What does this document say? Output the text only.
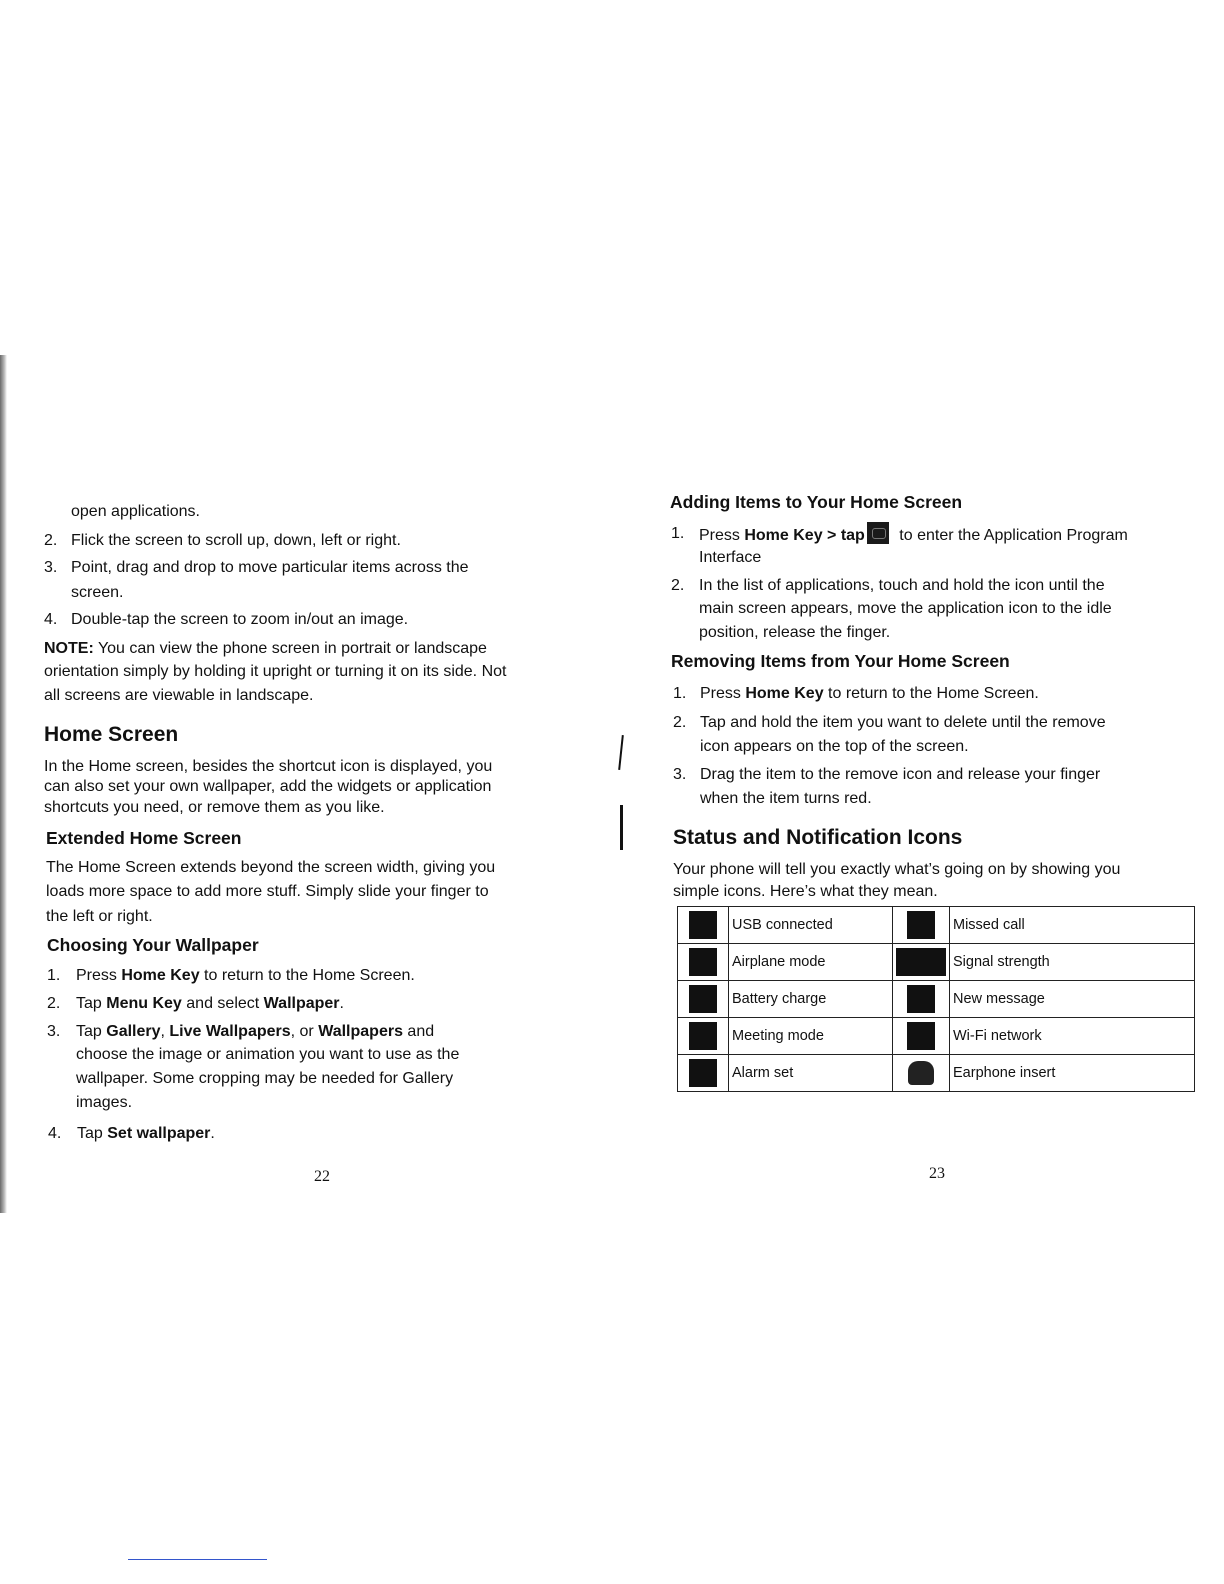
open applications.
2. Flick the screen to scroll up, down, left or right.
3. Point, drag and drop to move particular items across the
screen.
4. Double-tap the screen to zoom in/out an image.
NOTE: You can view the phone screen in portrait or landscape
orientation simply by holding it upright or turning it on its side. Not
all screens are viewable in landscape.
Home Screen
In the Home screen, besides the shortcut icon is displayed, you
can also set your own wallpaper, add the widgets or application
shortcuts you need, or remove them as you like.
Extended Home Screen
The Home Screen extends beyond the screen width, giving you
loads more space to add more stuff. Simply slide your finger to
the left or right.
Choosing Your Wallpaper
1. Press Home Key to return to the Home Screen.
2. Tap Menu Key and select Wallpaper.
3. Tap Gallery, Live Wallpapers, or Wallpapers and
choose the image or animation you want to use as the
wallpaper. Some cropping may be needed for Gallery
images.
4. Tap Set wallpaper.
22
Adding Items to Your Home Screen
1. Press Home Key > tap to enter the Application Program
Interface
2. In the list of applications, touch and hold the icon until the
main screen appears, move the application icon to the idle
position, release the finger.
Removing Items from Your Home Screen
1. Press Home Key to return to the Home Screen.
2. Tap and hold the item you want to delete until the remove
icon appears on the top of the screen.
3. Drag the item to the remove icon and release your finger
when the item turns red.
Status and Notification Icons
Your phone will tell you exactly what’s going on by showing you
simple icons. Here’s what they mean.
	USB connected		Missed call
	Airplane mode		Signal strength
	Battery charge		New message
	Meeting mode		Wi-Fi network
	Alarm set		Earphone insert
23
